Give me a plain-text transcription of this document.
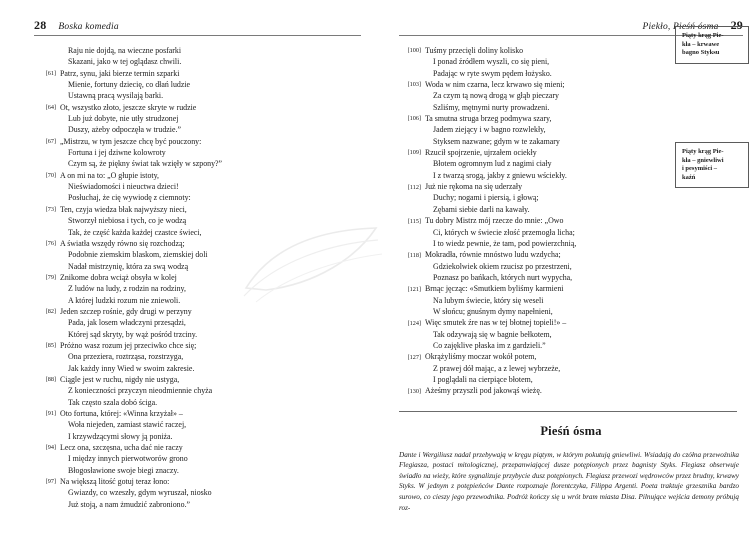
28 Boska komedia
Raju nie dojdą, na wieczne posfarki
Skazani, jako w tej oglądasz chwili.
[61] Patrz, synu, jaki bierze termin szparki
Mienie, fortuny dziecię, co dłań ludzie
Ustawną pracą wysilają barki.
[64] Ot, wszystko złoto, jeszcze skryte w rudzie
Lub już dobyte, nie utły strudzonej
Duszy, ażeby odpoczęła w trudzie.”
[67] „Mistrzu, w tym jeszcze chcę być pouczony:
Fortuna i jej dziwne kolowroty
Czym są, że piękny świat tak wzięły w szpony?”
[70] A on mi na to: „O głupie istoty,
Nieświadomości i nieuctwa dzieci!
Posłuchaj, że cię wywiodę z ciemnoty:
[73] Ten, czyja wiedza błak najwyższy nieci,
Stworzył niebiosa i tych, co je wodzą
Tak, że część każda każdej czastce świeci,
[76] A światła wszędy równo się rozchodzą;
Podobnie ziemskim blaskom, ziemskiej doli
Nadał mistrzynię, która za swą wodzą
[79] Znikome dobra wciąż obsyła w kolej
Z ludów na ludy, z rodzin na rodziny,
A której ludzki rozum nie zniewoli.
[82] Jeden szczep rośnie, gdy drugi w perzyny
Pada, jak losem władczyni przesądzi,
Której sąd skryty, by wąż pośród trzciny.
[85] Próżno wasz rozum jej przeciwko chce się;
Ona przeziera, roztrząsa, rozstrzyga,
Jak każdy inny Wied w swoim zakresie.
[88] Ciągle jest w ruchu, nigdy nie ustyga,
Z konieczności przyczyn nieodmiennie chyża
Tak często szala dobó ściga.
[91] Oto fortuna, której: «Winna krzyżał» –
Woła niejeden, zamiast stawić raczej,
I krzywdzącymi słowy ją poniża.
[94] Lecz ona, szczęsna, ucha dać nie raczy
I między innych pierwotworów grono
Błogosławione swoje biegi znaczy.
[97] Na większą litość gotuj teraz łono:
Gwiazdy, co wzeszły, gdym wyruszał, niosko
Już stoją, a nam żmudzić zabroniono.”
Piekło, Pieśń ósma 29
[100] Tuśmy przecięli doliny kolisko
I ponad źródłem wyszli, co się pieni,
Padając w ryte swym pędem łożysko.
[103] Woda w nim czarna, lecz krwawo się mieni;
Za czym tą nową drogą w głąb pieczary
Szliśmy, mętnymi nurty prowadzeni.
[106] Ta smutna struga brzeg podmywa szary,
Jadem ziejący i w bagno rozwlekły,
Styksem nazwane; gdym w te zakamary
[109] Rzucił spojrzenie, ujrzałem ociekły
Błotem ogromnym lud z nagimi ciały
I z twarzą srogą, jakby z gniewu wściekły.
[112] Już nie rękoma na się uderzały
Duchy; nogami i piersią, i głową;
Zębami siebie darli na kawały.
[115] Tu dobry Mistrz mój rzecze do mnie: „Owo
Ci, których w świecie złość przemogła licha;
I to wiedz pewnie, że tam, pod powierzchnią,
[118] Mokradła, równie mnóstwo ludu wzdycha;
Gdziekolwiek okiem rzucisz po przestrzeni,
Poznasz po bańkach, których nurt wypycha,
[121] Brnąc jęcząc: «Smutkiem byliśmy karmieni
Na lubym świecie, który się weseli
W słońcu; gnuśnym dymy napełnieni,
[124] Więc smutek źre nas w tej błotnej topieli!» –
Tak odzywają się w bagnie bełkotem,
Co zajęklive płaska im z gardzieli.”
[127] Okrążyliśmy moczar wokół potem,
Z prawej dół mając, a z lewej wybrzeże,
I poglądali na cierpiące błotem,
[130] Ażeśmy przyszli pod jakowąś wieżę.
Pieśń ósma

Dante i Wergiliusz nadal przebywają w kręgu piątym, w którym pokutują gniewliwi. Wsiadają do czółna przewoźnika Flegiasza, postaci mitologicznej, przepanwiającej dusze potępionych przez bagnisty Styks. Flegiasz obserwuje świadło na wieży, które sygnalizuje przybycie dusz potępionych. Flegiasz przewozi wędrowców przez brudny, krwawy Styks. W jednym z potępieńców Dante rozpoznaje florentczyka, Filippa Argenti. Poeta traktuje grzesznika bardzo surowo, co cieszy jego przewodnika. Podróż kończy się u wrót bram miasta Disa. Pilnujące wejścia demony próbują roz-

Piąty krąg Pie-
kła – krwawe
bagno Styksu
Piąty krąg Pie-
kła – gniewliwi
i pesymiści –
kaźń
